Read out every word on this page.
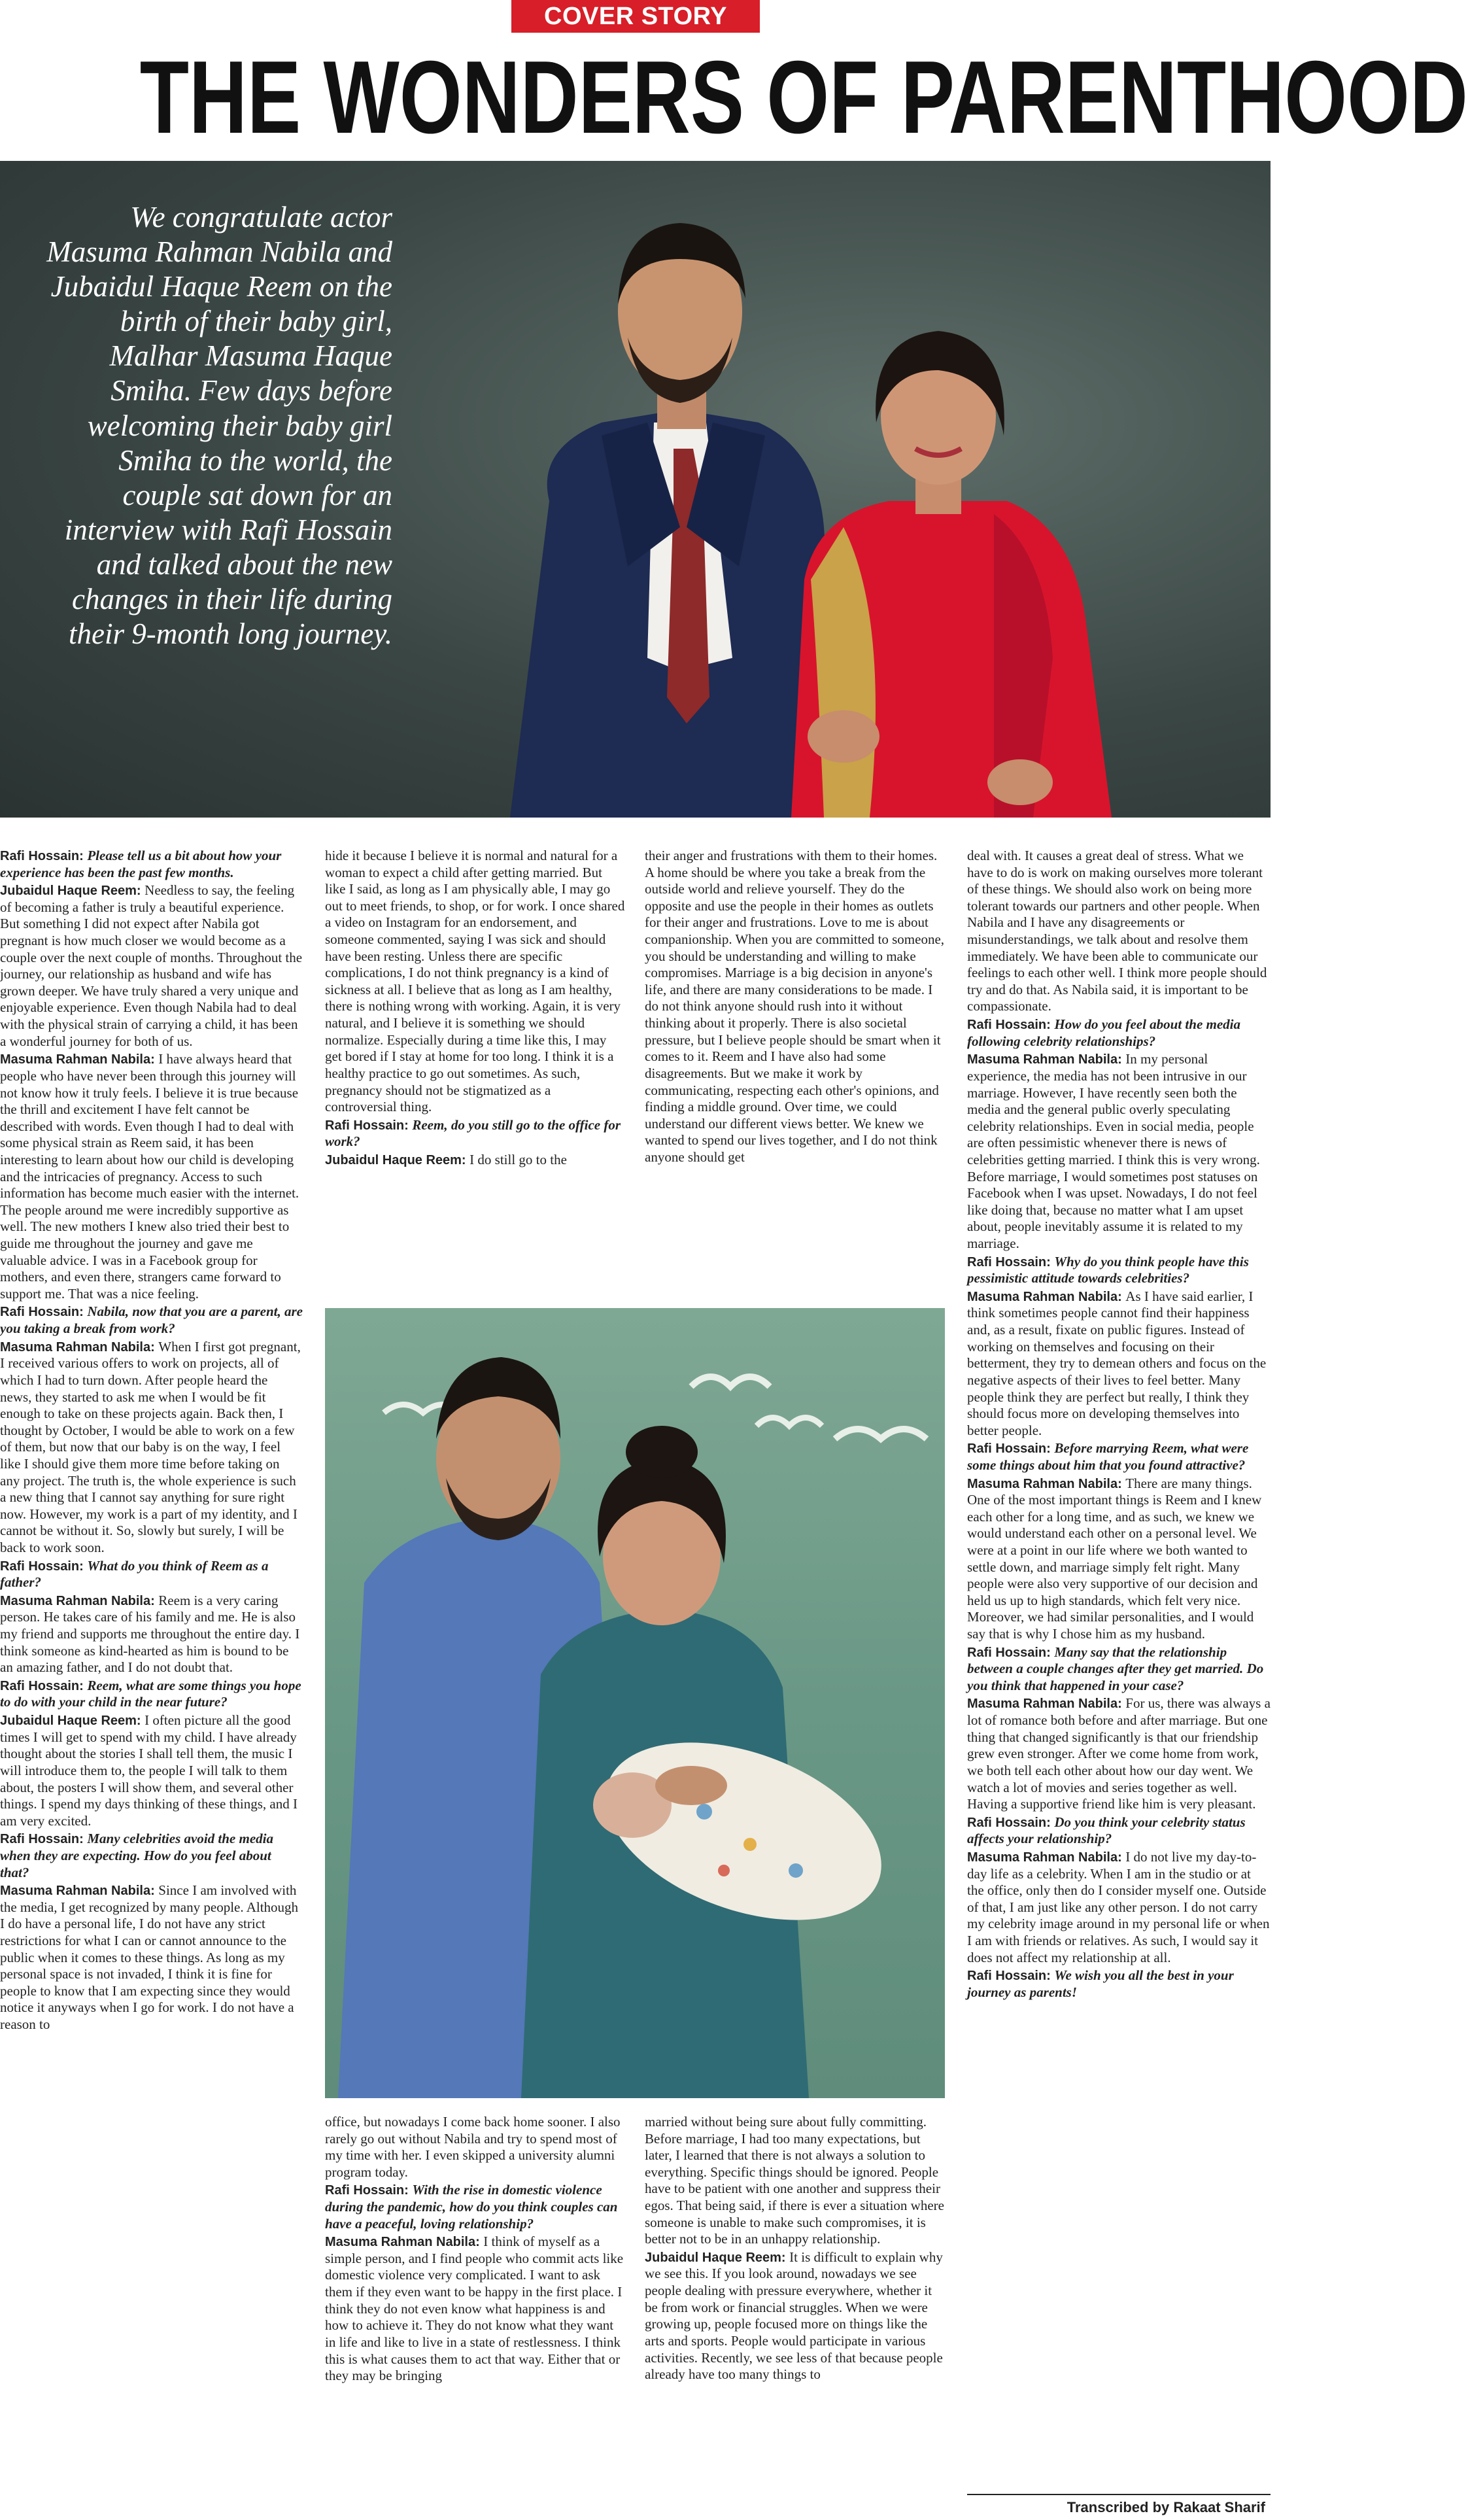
COVER STORY
THE WONDERS OF PARENTHOOD
We congratulate actor Masuma Rahman Nabila and Jubaidul Haque Reem on the birth of their baby girl, Malhar Masuma Haque Smiha. Few days before welcoming their baby girl Smiha to the world, the couple sat down for an interview with Rafi Hossain and talked about the new changes in their life during their 9-month long journey.
Rafi Hossain: Please tell us a bit about how your experience has been the past few months.
Jubaidul Haque Reem: Needless to say, the feeling of becoming a father is truly a beautiful experience. But something I did not expect after Nabila got pregnant is how much closer we would become as a couple over the next couple of months. Throughout the journey, our relationship as husband and wife has grown deeper. We have truly shared a very unique and enjoyable experience. Even though Nabila had to deal with the physical strain of carrying a child, it has been a wonderful journey for both of us.
Masuma Rahman Nabila: I have always heard that people who have never been through this journey will not know how it truly feels. I believe it is true because the thrill and excitement I have felt cannot be described with words. Even though I had to deal with some physical strain as Reem said, it has been interesting to learn about how our child is developing and the intricacies of pregnancy. Access to such information has become much easier with the internet. The people around me were incredibly supportive as well. The new mothers I knew also tried their best to guide me throughout the journey and gave me valuable advice. I was in a Facebook group for mothers, and even there, strangers came forward to support me. That was a nice feeling.
Rafi Hossain: Nabila, now that you are a parent, are you taking a break from work?
Masuma Rahman Nabila: When I first got pregnant, I received various offers to work on projects, all of which I had to turn down. After people heard the news, they started to ask me when I would be fit enough to take on these projects again. Back then, I thought by October, I would be able to work on a few of them, but now that our baby is on the way, I feel like I should give them more time before taking on any project. The truth is, the whole experience is such a new thing that I cannot say anything for sure right now. However, my work is a part of my identity, and I cannot be without it. So, slowly but surely, I will be back to work soon.
Rafi Hossain: What do you think of Reem as a father?
Masuma Rahman Nabila: Reem is a very caring person. He takes care of his family and me. He is also my friend and supports me throughout the entire day. I think someone as kind-hearted as him is bound to be an amazing father, and I do not doubt that.
Rafi Hossain: Reem, what are some things you hope to do with your child in the near future?
Jubaidul Haque Reem: I often picture all the good times I will get to spend with my child. I have already thought about the stories I shall tell them, the music I will introduce them to, the people I will talk to them about, the posters I will show them, and several other things. I spend my days thinking of these things, and I am very excited.
Rafi Hossain: Many celebrities avoid the media when they are expecting. How do you feel about that?
Masuma Rahman Nabila: Since I am involved with the media, I get recognized by many people. Although I do have a personal life, I do not have any strict restrictions for what I can or cannot announce to the public when it comes to these things. As long as my personal space is not invaded, I think it is fine for people to know that I am expecting since they would notice it anyways when I go for work. I do not have a reason to
hide it because I believe it is normal and natural for a woman to expect a child after getting married. But like I said, as long as I am physically able, I may go out to meet friends, to shop, or for work. I once shared a video on Instagram for an endorsement, and someone commented, saying I was sick and should have been resting. Unless there are specific complications, I do not think pregnancy is a kind of sickness at all. I believe that as long as I am healthy, there is nothing wrong with working. Again, it is very natural, and I believe it is something we should normalize. Especially during a time like this, I may get bored if I stay at home for too long. I think it is a healthy practice to go out sometimes. As such, pregnancy should not be stigmatized as a controversial thing.
Rafi Hossain: Reem, do you still go to the office for work?
Jubaidul Haque Reem: I do still go to the
their anger and frustrations with them to their homes. A home should be where you take a break from the outside world and relieve yourself. They do the opposite and use the people in their homes as outlets for their anger and frustrations. Love to me is about companionship. When you are committed to someone, you should be understanding and willing to make compromises. Marriage is a big decision in anyone's life, and there are many considerations to be made. I do not think anyone should rush into it without thinking about it properly. There is also societal pressure, but I believe people should be smart when it comes to it. Reem and I have also had some disagreements. But we make it work by communicating, respecting each other's opinions, and finding a middle ground. Over time, we could understand our different views better. We knew we wanted to spend our lives together, and I do not think anyone should get
deal with. It causes a great deal of stress. What we have to do is work on making ourselves more tolerant of these things. We should also work on being more tolerant towards our partners and other people. When Nabila and I have any disagreements or misunderstandings, we talk about and resolve them immediately. We have been able to communicate our feelings to each other well. I think more people should try and do that. As Nabila said, it is important to be compassionate.
Rafi Hossain: How do you feel about the media following celebrity relationships?
Masuma Rahman Nabila: In my personal experience, the media has not been intrusive in our marriage. However, I have recently seen both the media and the general public overly speculating celebrity relationships. Even in social media, people are often pessimistic whenever there is news of celebrities getting married. I think this is very wrong. Before marriage, I would sometimes post statuses on Facebook when I was upset. Nowadays, I do not feel like doing that, because no matter what I am upset about, people inevitably assume it is related to my marriage.
Rafi Hossain: Why do you think people have this pessimistic attitude towards celebrities?
Masuma Rahman Nabila: As I have said earlier, I think sometimes people cannot find their happiness and, as a result, fixate on public figures. Instead of working on themselves and focusing on their betterment, they try to demean others and focus on the negative aspects of their lives to feel better. Many people think they are perfect but really, I think they should focus more on developing themselves into better people.
Rafi Hossain: Before marrying Reem, what were some things about him that you found attractive?
Masuma Rahman Nabila: There are many things. One of the most important things is Reem and I knew each other for a long time, and as such, we knew we would understand each other on a personal level. We were at a point in our life where we both wanted to settle down, and marriage simply felt right. Many people were also very supportive of our decision and held us up to high standards, which felt very nice. Moreover, we had similar personalities, and I would say that is why I chose him as my husband.
Rafi Hossain: Many say that the relationship between a couple changes after they get married. Do you think that happened in your case?
Masuma Rahman Nabila: For us, there was always a lot of romance both before and after marriage. But one thing that changed significantly is that our friendship grew even stronger. After we come home from work, we both tell each other about how our day went. We watch a lot of movies and series together as well. Having a supportive friend like him is very pleasant.
Rafi Hossain: Do you think your celebrity status affects your relationship?
Masuma Rahman Nabila: I do not live my day-to-day life as a celebrity. When I am in the studio or at the office, only then do I consider myself one. Outside of that, I am just like any other person. I do not carry my celebrity image around in my personal life or when I am with friends or relatives. As such, I would say it does not affect my relationship at all.
Rafi Hossain: We wish you all the best in your journey as parents!
office, but nowadays I come back home sooner. I also rarely go out without Nabila and try to spend most of my time with her. I even skipped a university alumni program today.
Rafi Hossain: With the rise in domestic violence during the pandemic, how do you think couples can have a peaceful, loving relationship?
Masuma Rahman Nabila: I think of myself as a simple person, and I find people who commit acts like domestic violence very complicated. I want to ask them if they even want to be happy in the first place. I think they do not even know what happiness is and how to achieve it. They do not know what they want in life and like to live in a state of restlessness. I think this is what causes them to act that way. Either that or they may be bringing
married without being sure about fully committing. Before marriage, I had too many expectations, but later, I learned that there is not always a solution to everything. Specific things should be ignored. People have to be patient with one another and suppress their egos. That being said, if there is ever a situation where someone is unable to make such compromises, it is better not to be in an unhappy relationship.
Jubaidul Haque Reem: It is difficult to explain why we see this. If you look around, nowadays we see people dealing with pressure everywhere, whether it be from work or financial struggles. When we were growing up, people focused more on things like the arts and sports. People would participate in various activities. Recently, we see less of that because people already have too many things to
Transcribed by Rakaat Sharif
